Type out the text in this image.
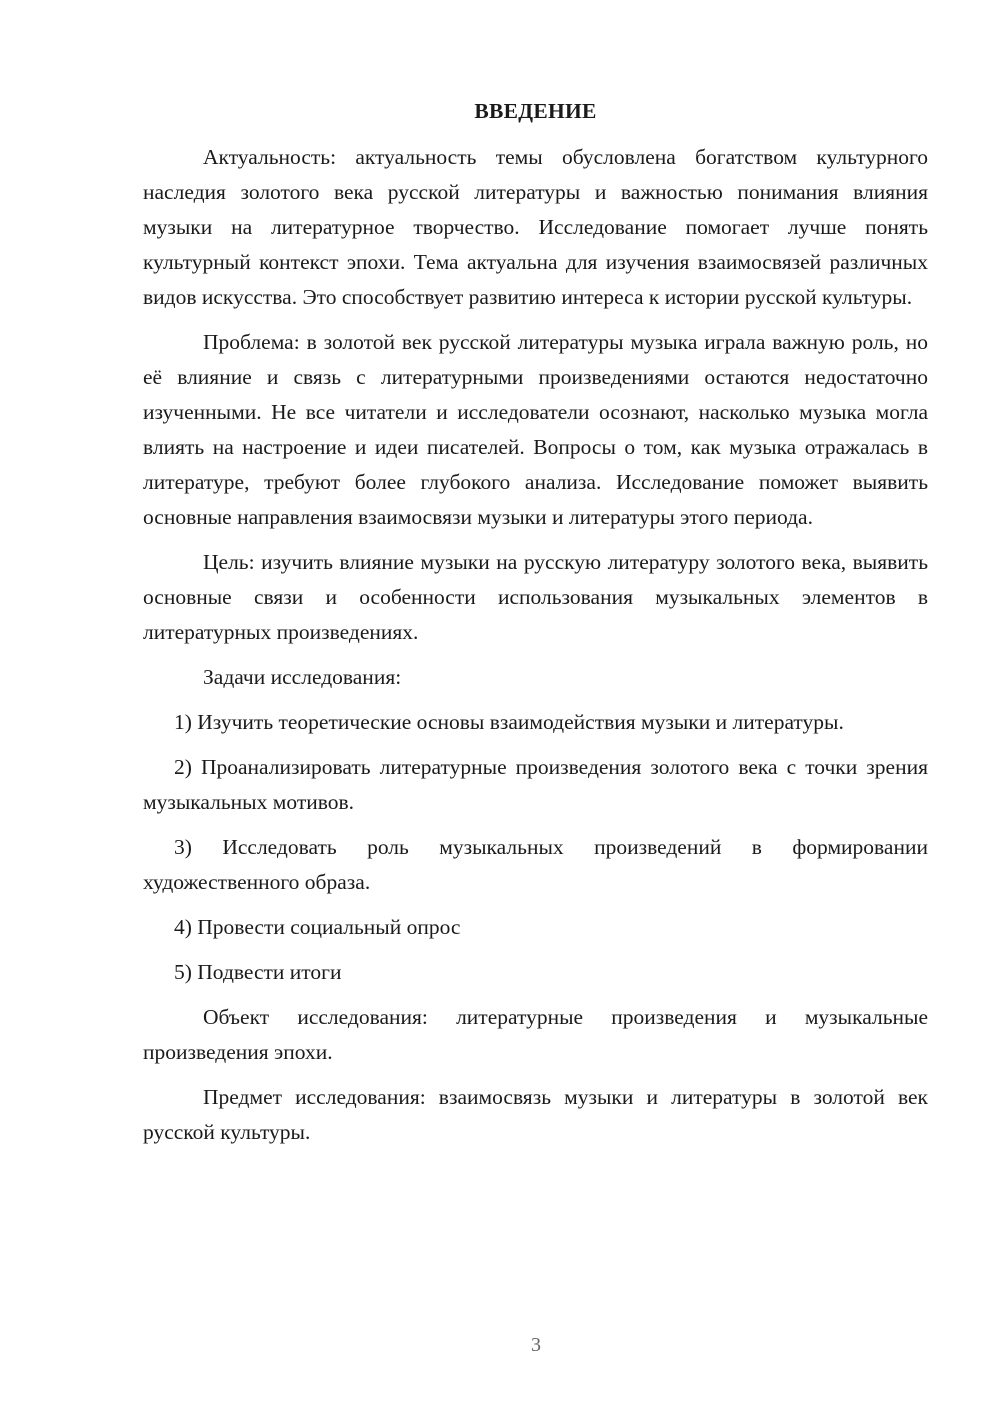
ВВЕДЕНИЕ

Актуальность: актуальность темы обусловлена богатством культурного наследия золотого века русской литературы и важностью понимания влияния музыки на литературное творчество. Исследование помогает лучше понять культурный контекст эпохи. Тема актуальна для изучения взаимосвязей различных видов искусства. Это способствует развитию интереса к истории русской культуры.

Проблема: в золотой век русской литературы музыка играла важную роль, но её влияние и связь с литературными произведениями остаются недостаточно изученными. Не все читатели и исследователи осознают, насколько музыка могла влиять на настроение и идеи писателей. Вопросы о том, как музыка отражалась в литературе, требуют более глубокого анализа. Исследование поможет выявить основные направления взаимосвязи музыки и литературы этого периода.

Цель: изучить влияние музыки на русскую литературу золотого века, выявить основные связи и особенности использования музыкальных элементов в литературных произведениях.

Задачи исследования:

1) Изучить теоретические основы взаимодействия музыки и литературы.

2) Проанализировать литературные произведения золотого века с точки зрения музыкальных мотивов.

3) Исследовать роль музыкальных произведений в формировании художественного образа.

4) Провести социальный опрос

5) Подвести итоги

Объект исследования: литературные произведения и музыкальные произведения эпохи.

Предмет исследования: взаимосвязь музыки и литературы в золотой век русской культуры.

3
